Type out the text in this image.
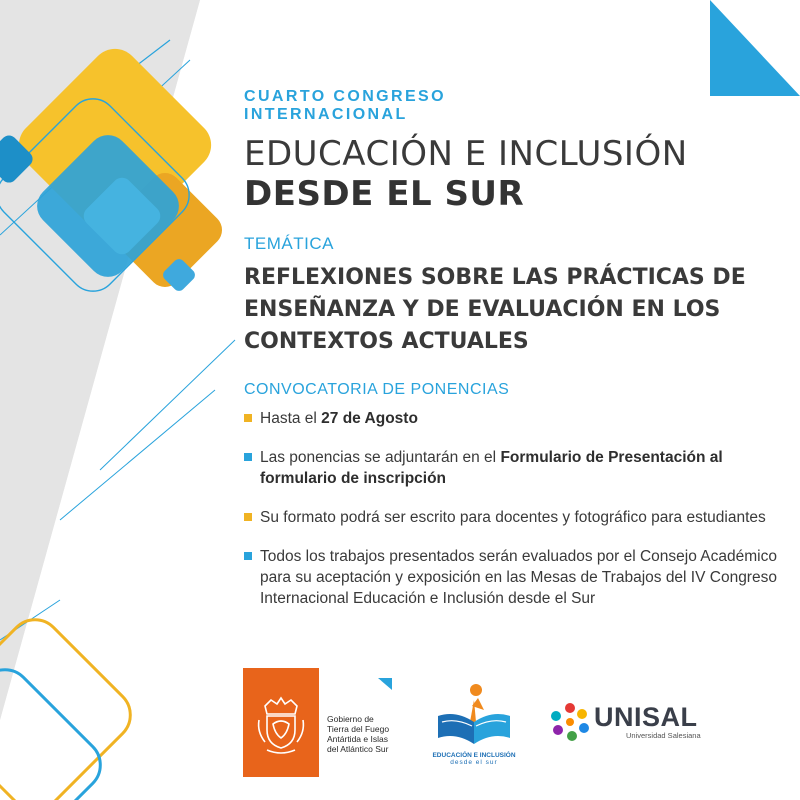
CUARTO CONGRESO
INTERNACIONAL
EDUCACIÓN E INCLUSIÓN
DESDE EL SUR
TEMÁTICA
REFLEXIONES SOBRE LAS PRÁCTICAS DE
ENSEÑANZA Y DE EVALUACIÓN EN LOS
CONTEXTOS ACTUALES
CONVOCATORIA DE PONENCIAS
Hasta el 27 de Agosto
Las ponencias se adjuntarán en el Formulario de Presentación al formulario de inscripción
Su formato podrá ser escrito para docentes y fotográfico para estudiantes
Todos los trabajos presentados serán evaluados por el Consejo Académico para su aceptación y exposición en las Mesas de Trabajos del IV Congreso Internacional Educación e Inclusión desde el Sur
Gobierno de
Tierra del Fuego
Antártida e Islas
del Atlántico Sur
EDUCACIÓN E INCLUSIÓN
desde el sur
UNISAL
Universidad Salesiana
